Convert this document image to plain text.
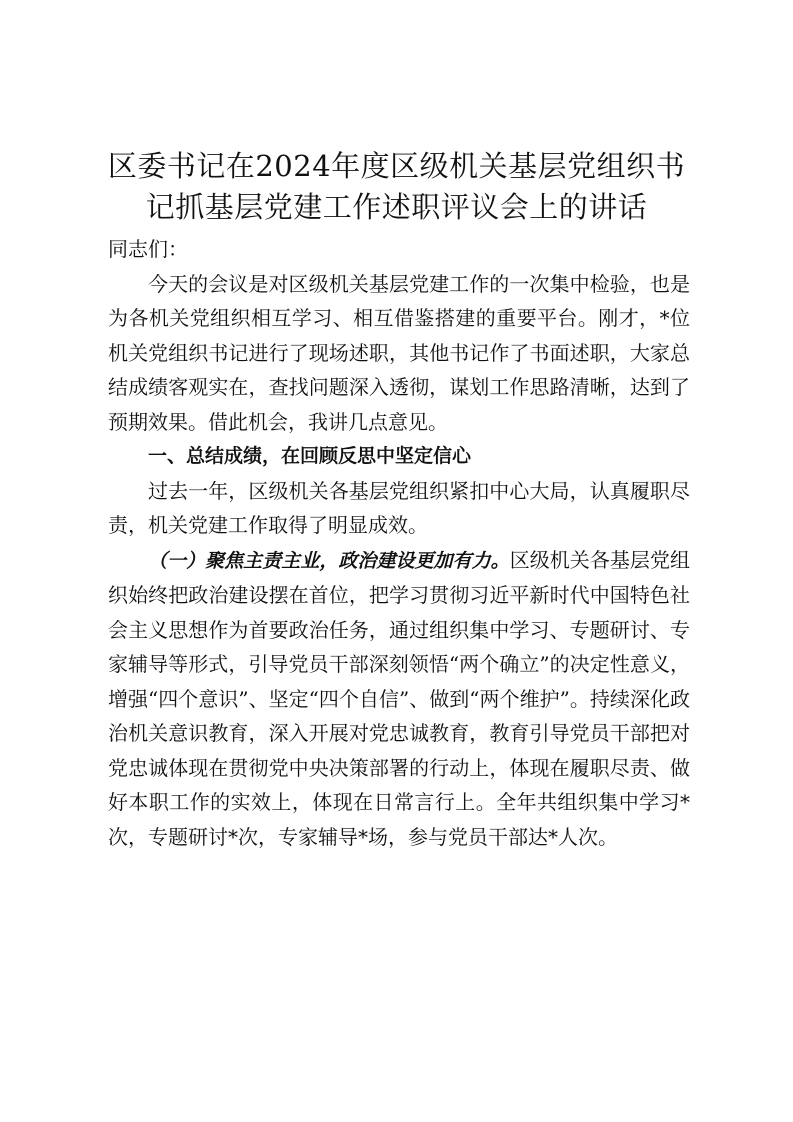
区委书记在2024年度区级机关基层党组织书
记抓基层党建工作述职评议会上的讲话

同志们：

今天的会议是对区级机关基层党建工作的一次集中检验，也是为各机关党组织相互学习、相互借鉴搭建的重要平台。刚才，*位机关党组织书记进行了现场述职，其他书记作了书面述职，大家总结成绩客观实在，查找问题深入透彻，谋划工作思路清晰，达到了预期效果。借此机会，我讲几点意见。

一、总结成绩，在回顾反思中坚定信心

过去一年，区级机关各基层党组织紧扣中心大局，认真履职尽责，机关党建工作取得了明显成效。

（一）聚焦主责主业，政治建设更加有力。区级机关各基层党组织始终把政治建设摆在首位，把学习贯彻习近平新时代中国特色社会主义思想作为首要政治任务，通过组织集中学习、专题研讨、专家辅导等形式，引导党员干部深刻领悟“两个确立”的决定性意义，增强“四个意识”、坚定“四个自信”、做到“两个维护”。持续深化政治机关意识教育，深入开展对党忠诚教育，教育引导党员干部把对党忠诚体现在贯彻党中央决策部署的行动上，体现在履职尽责、做好本职工作的实效上，体现在日常言行上。全年共组织集中学习*次，专题研讨*次，专家辅导*场，参与党员干部达*人次。
